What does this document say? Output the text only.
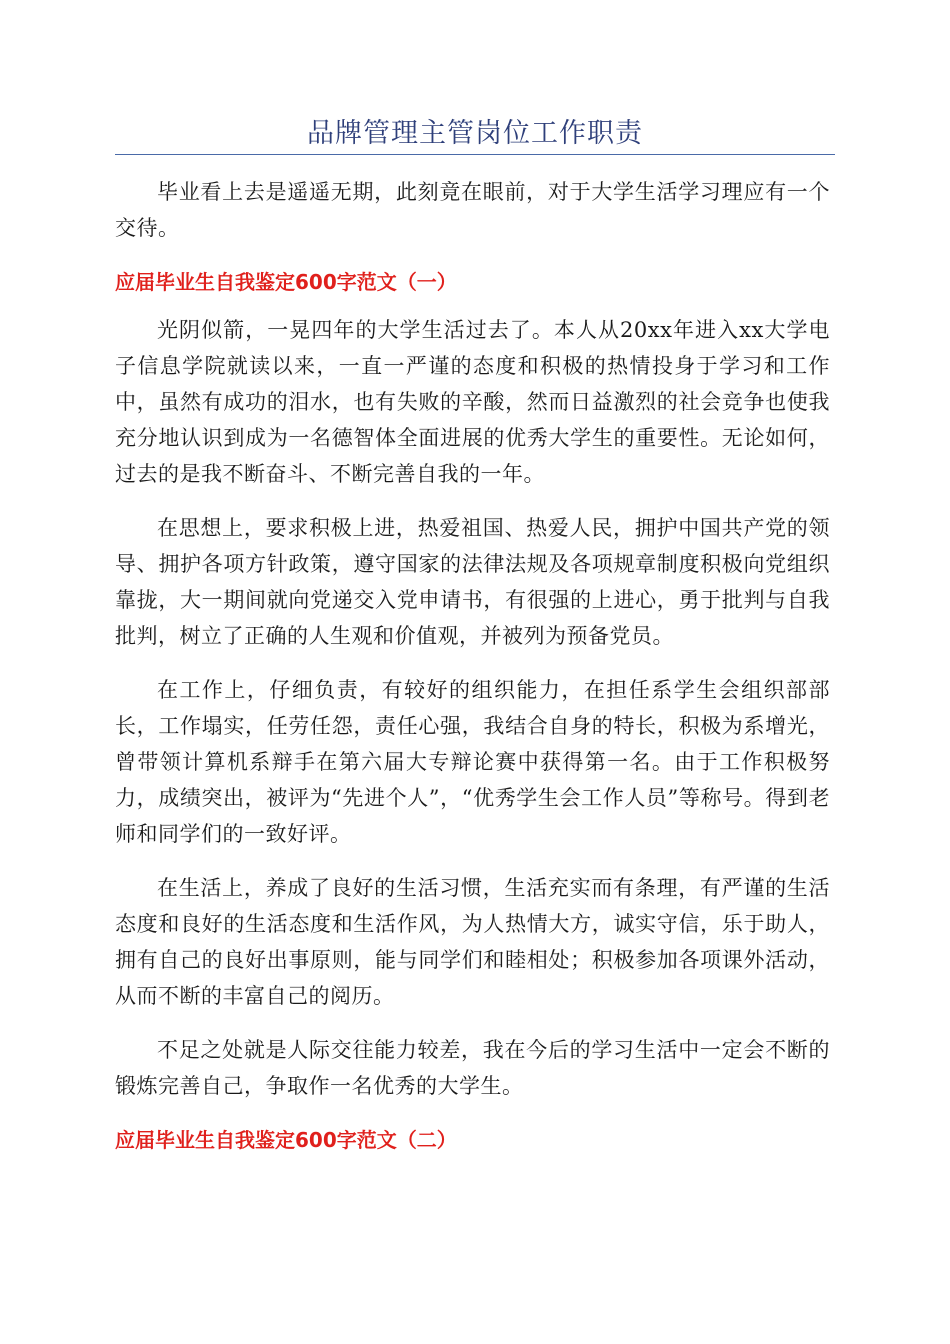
品牌管理主管岗位工作职责

毕业看上去是遥遥无期，此刻竟在眼前，对于大学生活学习理应有一个交待。

应届毕业生自我鉴定600字范文（一）

光阴似箭，一晃四年的大学生活过去了。本人从20xx年进入xx大学电子信息学院就读以来，一直一严谨的态度和积极的热情投身于学习和工作中，虽然有成功的泪水，也有失败的辛酸，然而日益激烈的社会竞争也使我充分地认识到成为一名德智体全面进展的优秀大学生的重要性。无论如何，过去的是我不断奋斗、不断完善自我的一年。

在思想上，要求积极上进，热爱祖国、热爱人民，拥护中国共产党的领导、拥护各项方针政策，遵守国家的法律法规及各项规章制度积极向党组织靠拢，大一期间就向党递交入党申请书，有很强的上进心，勇于批判与自我批判，树立了正确的人生观和价值观，并被列为预备党员。

在工作上，仔细负责，有较好的组织能力，在担任系学生会组织部部长，工作塌实，任劳任怨，责任心强，我结合自身的特长，积极为系增光，曾带领计算机系辩手在第六届大专辩论赛中获得第一名。由于工作积极努力，成绩突出，被评为“先进个人”，“优秀学生会工作人员”等称号。得到老师和同学们的一致好评。

在生活上，养成了良好的生活习惯，生活充实而有条理，有严谨的生活态度和良好的生活态度和生活作风，为人热情大方，诚实守信，乐于助人，拥有自己的良好出事原则，能与同学们和睦相处；积极参加各项课外活动，从而不断的丰富自己的阅历。

不足之处就是人际交往能力较差，我在今后的学习生活中一定会不断的锻炼完善自己，争取作一名优秀的大学生。

应届毕业生自我鉴定600字范文（二）
